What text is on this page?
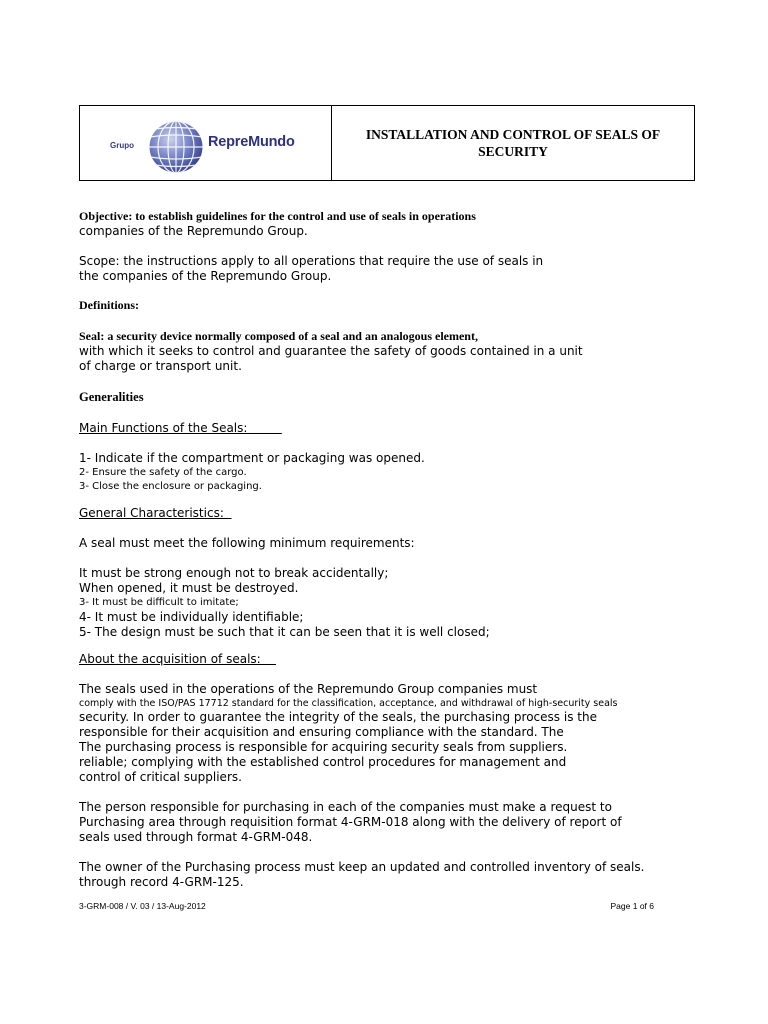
Grupo	RepreMundo	INSTALLATION AND CONTROL OF SEALS OF SECURITY

Objective: to establish guidelines for the control and use of seals in operations

companies of the Repremundo Group.

Scope: the instructions apply to all operations that require the use of seals in

the companies of the Repremundo Group.

Definitions:

Seal: a security device normally composed of a seal and an analogous element,

with which it seeks to control and guarantee the safety of goods contained in a unit

of charge or transport unit.

Generalities

Main Functions of the Seals:

1- Indicate if the compartment or packaging was opened.

2- Ensure the safety of the cargo.

3- Close the enclosure or packaging.

General Characteristics:

A seal must meet the following minimum requirements:

It must be strong enough not to break accidentally;

When opened, it must be destroyed.

3- It must be difficult to imitate;

4- It must be individually identifiable;

5- The design must be such that it can be seen that it is well closed;

About the acquisition of seals:

The seals used in the operations of the Repremundo Group companies must

comply with the ISO/PAS 17712 standard for the classification, acceptance, and withdrawal of high-security seals

security. In order to guarantee the integrity of the seals, the purchasing process is the

responsible for their acquisition and ensuring compliance with the standard. The

The purchasing process is responsible for acquiring security seals from suppliers.

reliable; complying with the established control procedures for management and

control of critical suppliers.

The person responsible for purchasing in each of the companies must make a request to

Purchasing area through requisition format 4-GRM-018 along with the delivery of report of

seals used through format 4-GRM-048.

The owner of the Purchasing process must keep an updated and controlled inventory of seals.

through record 4-GRM-125.

3-GRM-008 / V. 03 / 13-Aug-2012	Page 1 of 6
